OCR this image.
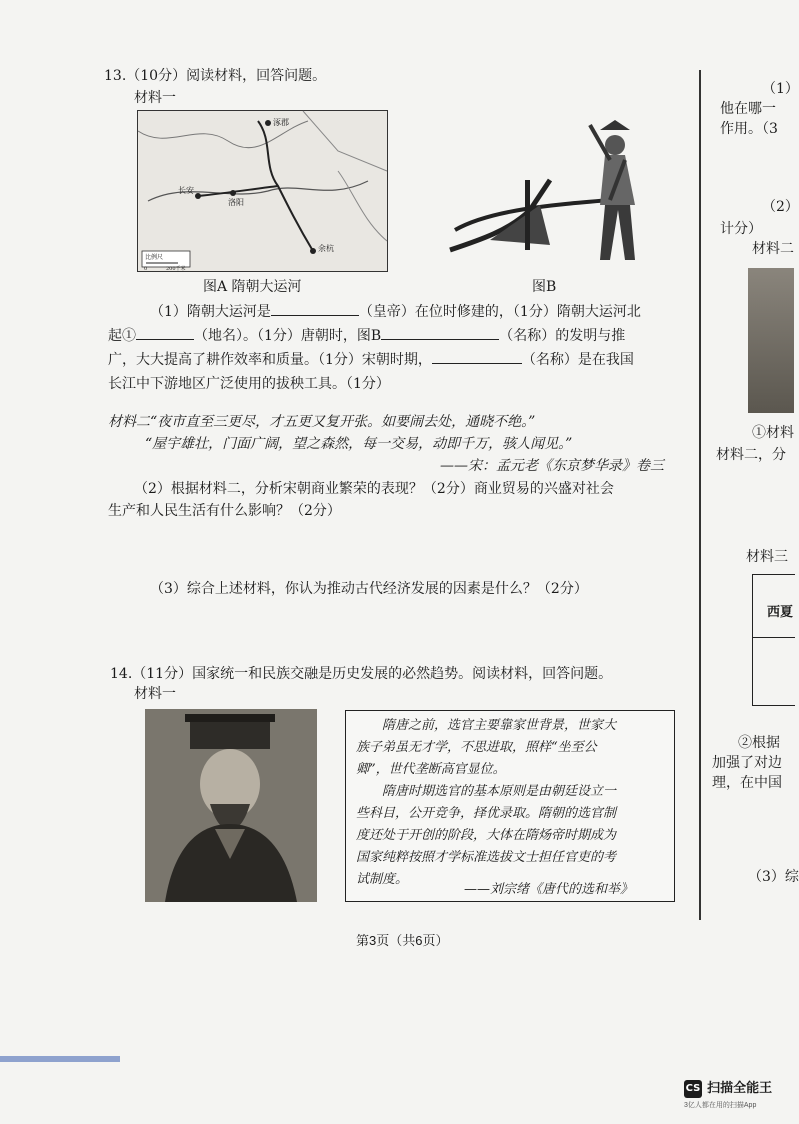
13.（10分）阅读材料，回答问题。
材料一
涿郡
长安
洛阳
余杭
比例尺
0	200千米
图A 隋朝大运河	图B
（1）隋朝大运河是	（皇帝）在位时修建的，（1分）隋朝大运河北
起①	（地名）。（1分）唐朝时，图B	（名称）的发明与推
广，大大提高了耕作效率和质量。（1分）宋朝时期，	（名称）是在我国
长江中下游地区广泛使用的拔秧工具。（1分）
材料二“夜市直至三更尽，才五更又复开张。如要闹去处，通晓不绝。”
“屋宇雄壮，门面广阔，望之森然，每一交易，动即千万，骇人闻见。”
——宋：孟元老《东京梦华录》卷三
（2）根据材料二，分析宋朝商业繁荣的表现？（2分）商业贸易的兴盛对社会
生产和人民生活有什么影响？（2分）
（3）综合上述材料，你认为推动古代经济发展的因素是什么？（2分）
14.（11分）国家统一和民族交融是历史发展的必然趋势。阅读材料，回答问题。
材料一
隋唐之前，选官主要靠家世背景，世家大
族子弟虽无才学，不思进取，照样“坐至公
卿”，世代垄断高官显位。
隋唐时期选官的基本原则是由朝廷设立一
些科目，公开竞争，择优录取。隋朝的选官制
度还处于开创的阶段，大体在隋炀帝时期成为
国家纯粹按照才学标准选拔文士担任官吏的考
试制度。
——刘宗绪《唐代的选和举》
（1）
他在哪一
作用。（3
（2）
计分）
材料二
①材料
材料二，分
材料三
西夏
②根据
加强了对边
理，在中国
（3）综
第3页（共6页）
CS 扫描全能王
3亿人都在用的扫描App
